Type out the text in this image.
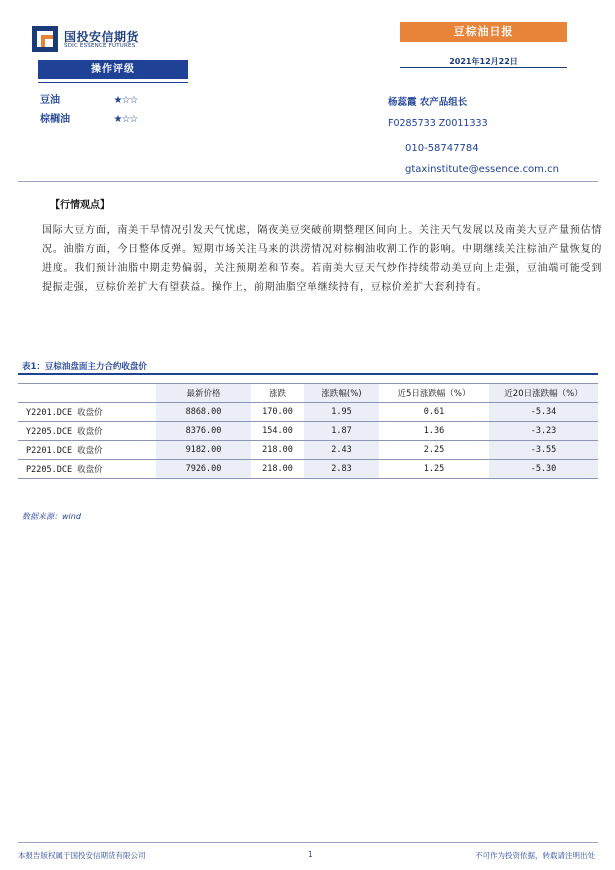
国投安信期货
SDIC ESSENCE FUTURES
豆棕油日报
2021年12月22日
操作评级
豆油	★☆☆
棕榈油	★☆☆
杨蕊霞 农产品组长
F0285733 Z0011333
010-58747784
gtaxinstitute@essence.com.cn
【行情观点】
国际大豆方面，南美干旱情况引发天气忧虑，隔夜美豆突破前期整理区间向上。关注天气发展以及南美大豆产量预估情况。油脂方面，今日整体反弹。短期市场关注马来的洪涝情况对棕榈油收割工作的影响。中期继续关注棕油产量恢复的进度。我们预计油脂中期走势偏弱，关注预期差和节奏。若南美大豆天气炒作持续带动美豆向上走强，豆油端可能受到提振走强，豆棕价差扩大有望获益。操作上，前期油脂空单继续持有，豆棕价差扩大套利持有。
表1：豆棕油盘面主力合约收盘价
	最新价格	涨跌	涨跌幅(%)	近5日涨跌幅（%）	近20日涨跌幅（%）
Y2201.DCE 收盘价	8868.00	170.00	1.95	0.61	-5.34
Y2205.DCE 收盘价	8376.00	154.00	1.87	1.36	-3.23
P2201.DCE 收盘价	9182.00	218.00	2.43	2.25	-3.55
P2205.DCE 收盘价	7926.00	218.00	2.83	1.25	-5.30
数据来源：wind
本报告版权属于国投安信期货有限公司	1	不可作为投资依据，转载请注明出处
